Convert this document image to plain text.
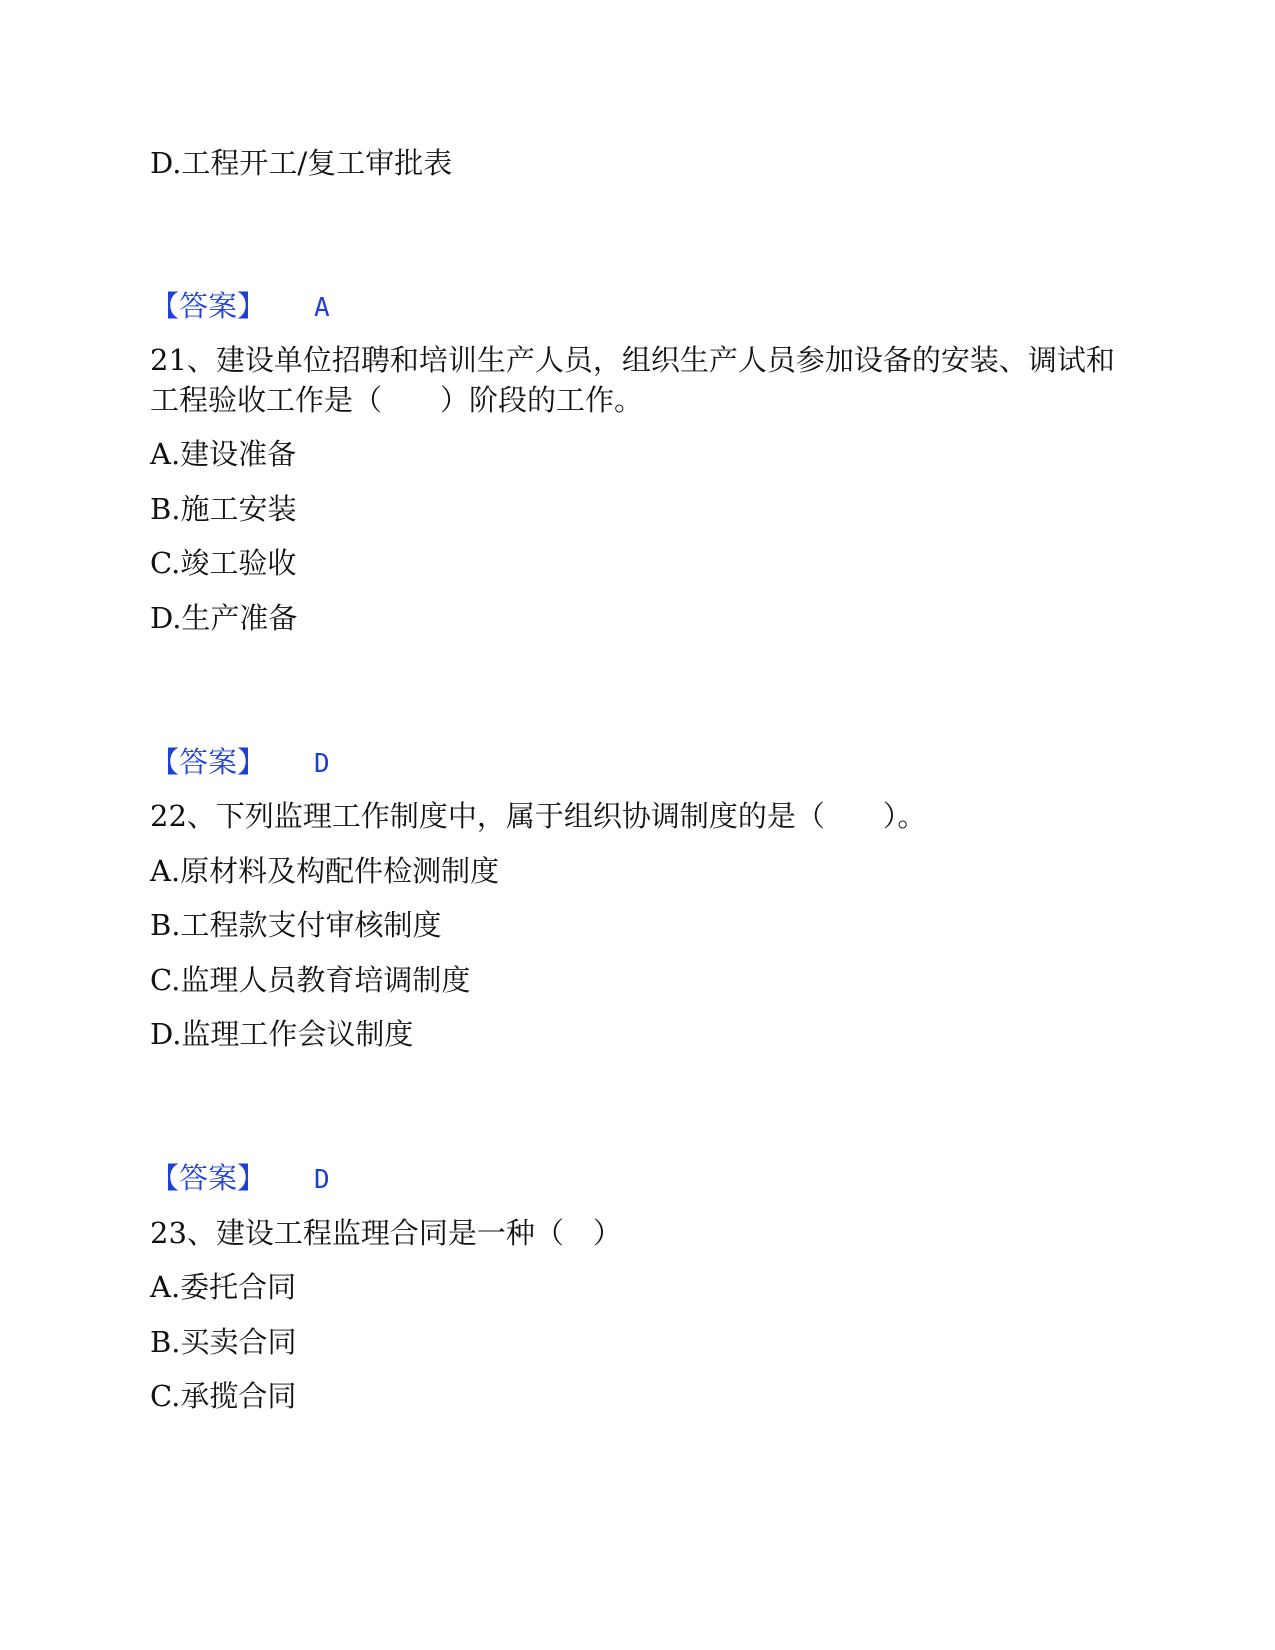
D.工程开工/复工审批表

【答案】 A

21、建设单位招聘和培训生产人员，组织生产人员参加设备的安装、调试和

工程验收工作是（　　）阶段的工作。

A.建设准备

B.施工安装

C.竣工验收

D.生产准备

【答案】 D

22、下列监理工作制度中，属于组织协调制度的是（　　）。

A.原材料及构配件检测制度

B.工程款支付审核制度

C.监理人员教育培调制度

D.监理工作会议制度

【答案】 D

23、建设工程监理合同是一种（　）

A.委托合同

B.买卖合同

C.承揽合同
